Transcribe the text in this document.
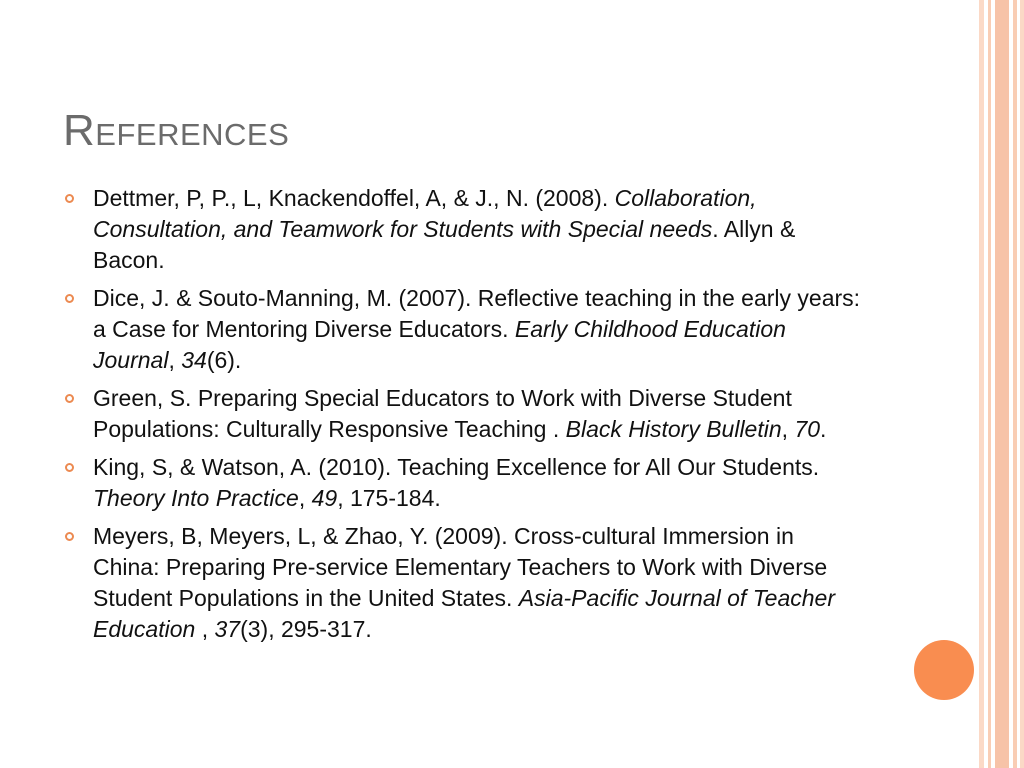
References
Dettmer, P, P., L, Knackendoffel, A, & J., N. (2008). Collaboration, Consultation, and Teamwork for Students with Special needs. Allyn & Bacon.
Dice, J. & Souto-Manning, M. (2007). Reflective teaching in the early years: a Case for Mentoring Diverse Educators. Early Childhood Education Journal, 34(6).
Green, S. Preparing Special Educators to Work with Diverse Student Populations: Culturally Responsive Teaching . Black History Bulletin, 70.
King, S, & Watson, A. (2010). Teaching Excellence for All Our Students. Theory Into Practice, 49, 175-184.
Meyers, B, Meyers, L, & Zhao, Y. (2009). Cross-cultural Immersion in China: Preparing Pre-service Elementary Teachers to Work with Diverse Student Populations in the United States. Asia-Pacific Journal of Teacher Education , 37(3), 295-317.
